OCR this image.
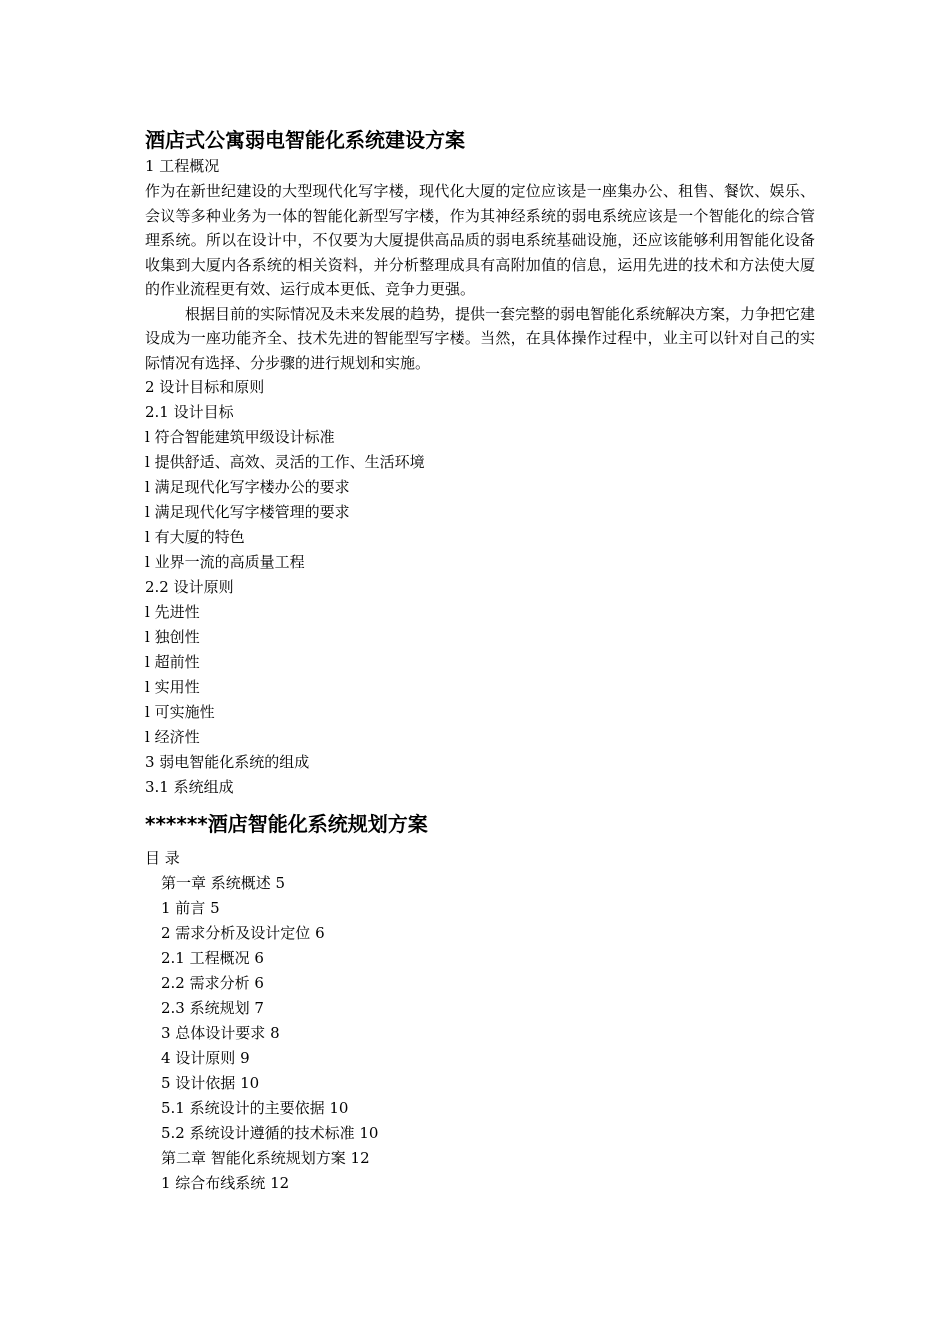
酒店式公寓弱电智能化系统建设方案

1 工程概况

作为在新世纪建设的大型现代化写字楼，现代化大厦的定位应该是一座集办公、租售、餐饮、娱乐、会议等多种业务为一体的智能化新型写字楼，作为其神经系统的弱电系统应该是一个智能化的综合管理系统。所以在设计中，不仅要为大厦提供高品质的弱电系统基础设施，还应该能够利用智能化设备收集到大厦内各系统的相关资料，并分析整理成具有高附加值的信息，运用先进的技术和方法使大厦的作业流程更有效、运行成本更低、竞争力更强。

根据目前的实际情况及未来发展的趋势，提供一套完整的弱电智能化系统解决方案，力争把它建设成为一座功能齐全、技术先进的智能型写字楼。当然，在具体操作过程中，业主可以针对自己的实际情况有选择、分步骤的进行规划和实施。

2 设计目标和原则

2.1 设计目标

l 符合智能建筑甲级设计标准

l 提供舒适、高效、灵活的工作、生活环境

l 满足现代化写字楼办公的要求

l 满足现代化写字楼管理的要求

l 有大厦的特色

l 业界一流的高质量工程

2.2 设计原则

l 先进性

l 独创性

l 超前性

l 实用性

l 可实施性

l 经济性

3 弱电智能化系统的组成

3.1 系统组成

******酒店智能化系统规划方案

目 录

第一章 系统概述 5

1 前言 5

2 需求分析及设计定位 6

2.1 工程概况 6

2.2 需求分析 6

2.3 系统规划 7

3 总体设计要求 8

4 设计原则 9

5 设计依据 10

5.1 系统设计的主要依据 10

5.2 系统设计遵循的技术标准 10

第二章 智能化系统规划方案 12

1 综合布线系统 12
